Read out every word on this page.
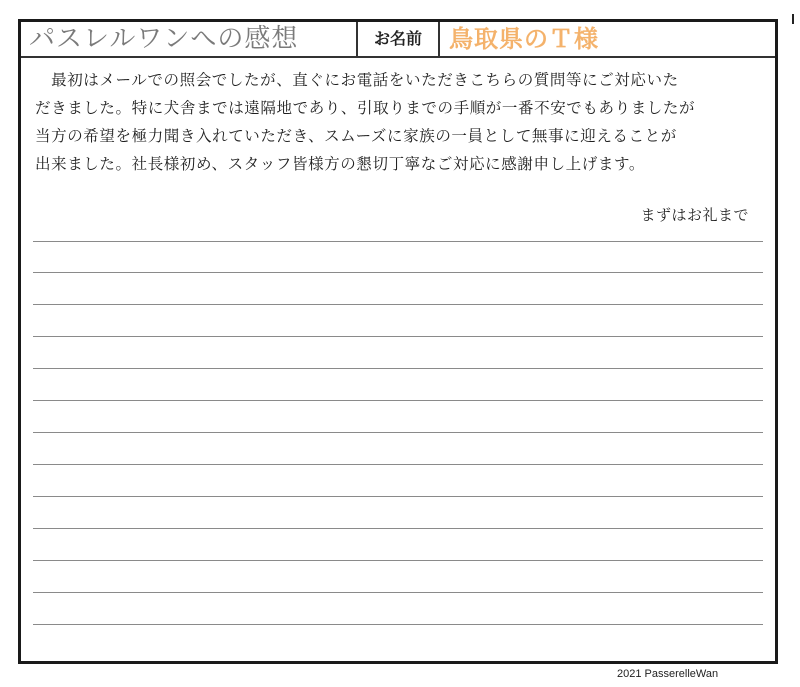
パスレルワンへの感想	お名前	鳥取県のＴ様

　最初はメールでの照会でしたが、直ぐにお電話をいただきこちらの質問等にご対応いた

だきました。特に犬舎までは遠隔地であり、引取りまでの手順が一番不安でもありましたが

当方の希望を極力聞き入れていただき、スムーズに家族の一員として無事に迎えることが

出来ました。社長様初め、スタッフ皆様方の懇切丁寧なご対応に感謝申し上げます。

まずはお礼まで
2021 PasserelleWan
